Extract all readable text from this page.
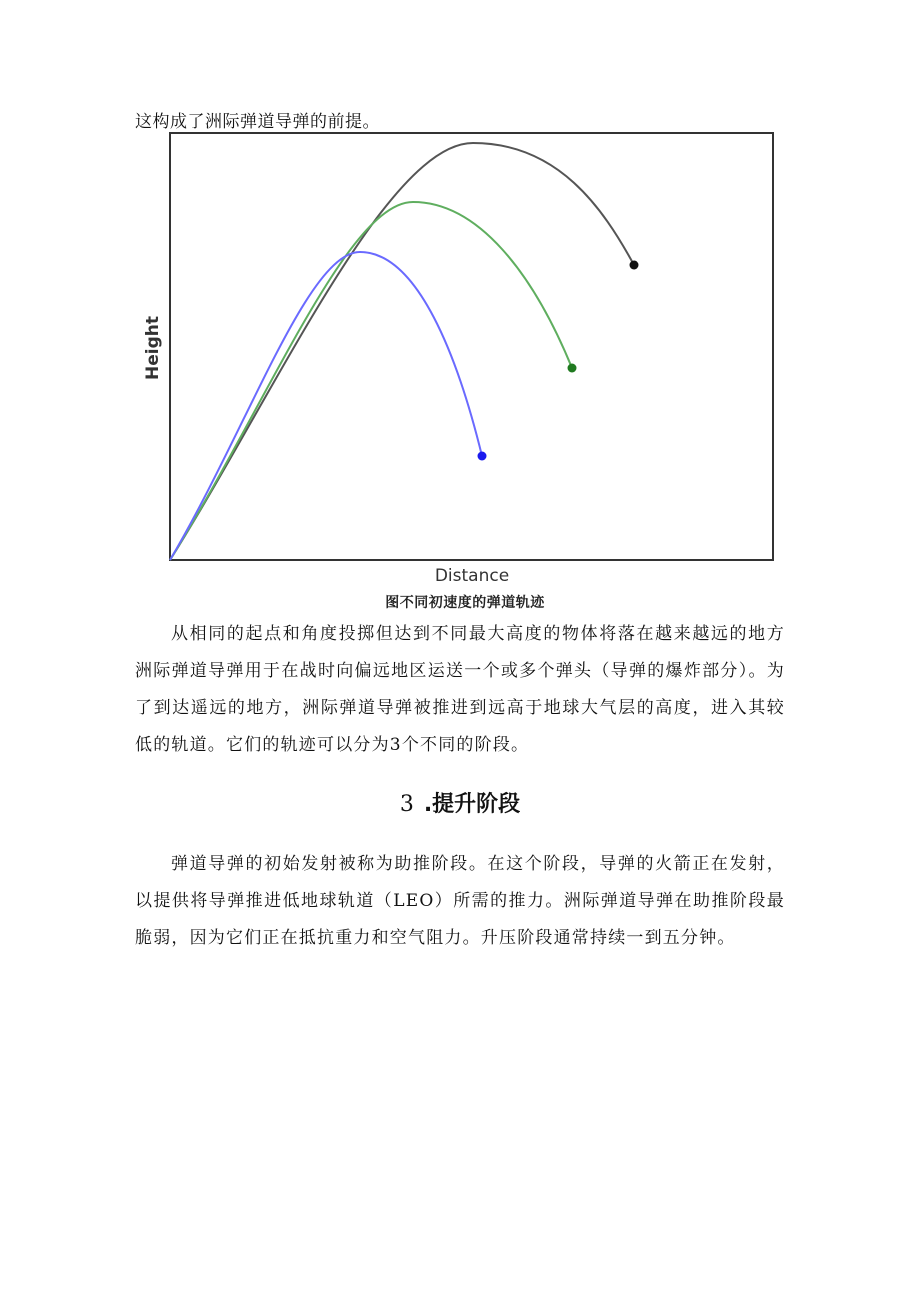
这构成了洲际弹道导弹的前提。
Distance
Height
图不同初速度的弹道轨迹

从相同的起点和角度投掷但达到不同最大高度的物体将落在越来越远的地方洲际弹道导弹用于在战时向偏远地区运送一个或多个弹头（导弹的爆炸部分）。为了到达遥远的地方，洲际弹道导弹被推进到远高于地球大气层的高度，进入其较低的轨道。它们的轨迹可以分为3个不同的阶段。

3 .提升阶段

弹道导弹的初始发射被称为助推阶段。在这个阶段，导弹的火箭正在发射，以提供将导弹推进低地球轨道（LEO）所需的推力。洲际弹道导弹在助推阶段最脆弱，因为它们正在抵抗重力和空气阻力。升压阶段通常持续一到五分钟。
